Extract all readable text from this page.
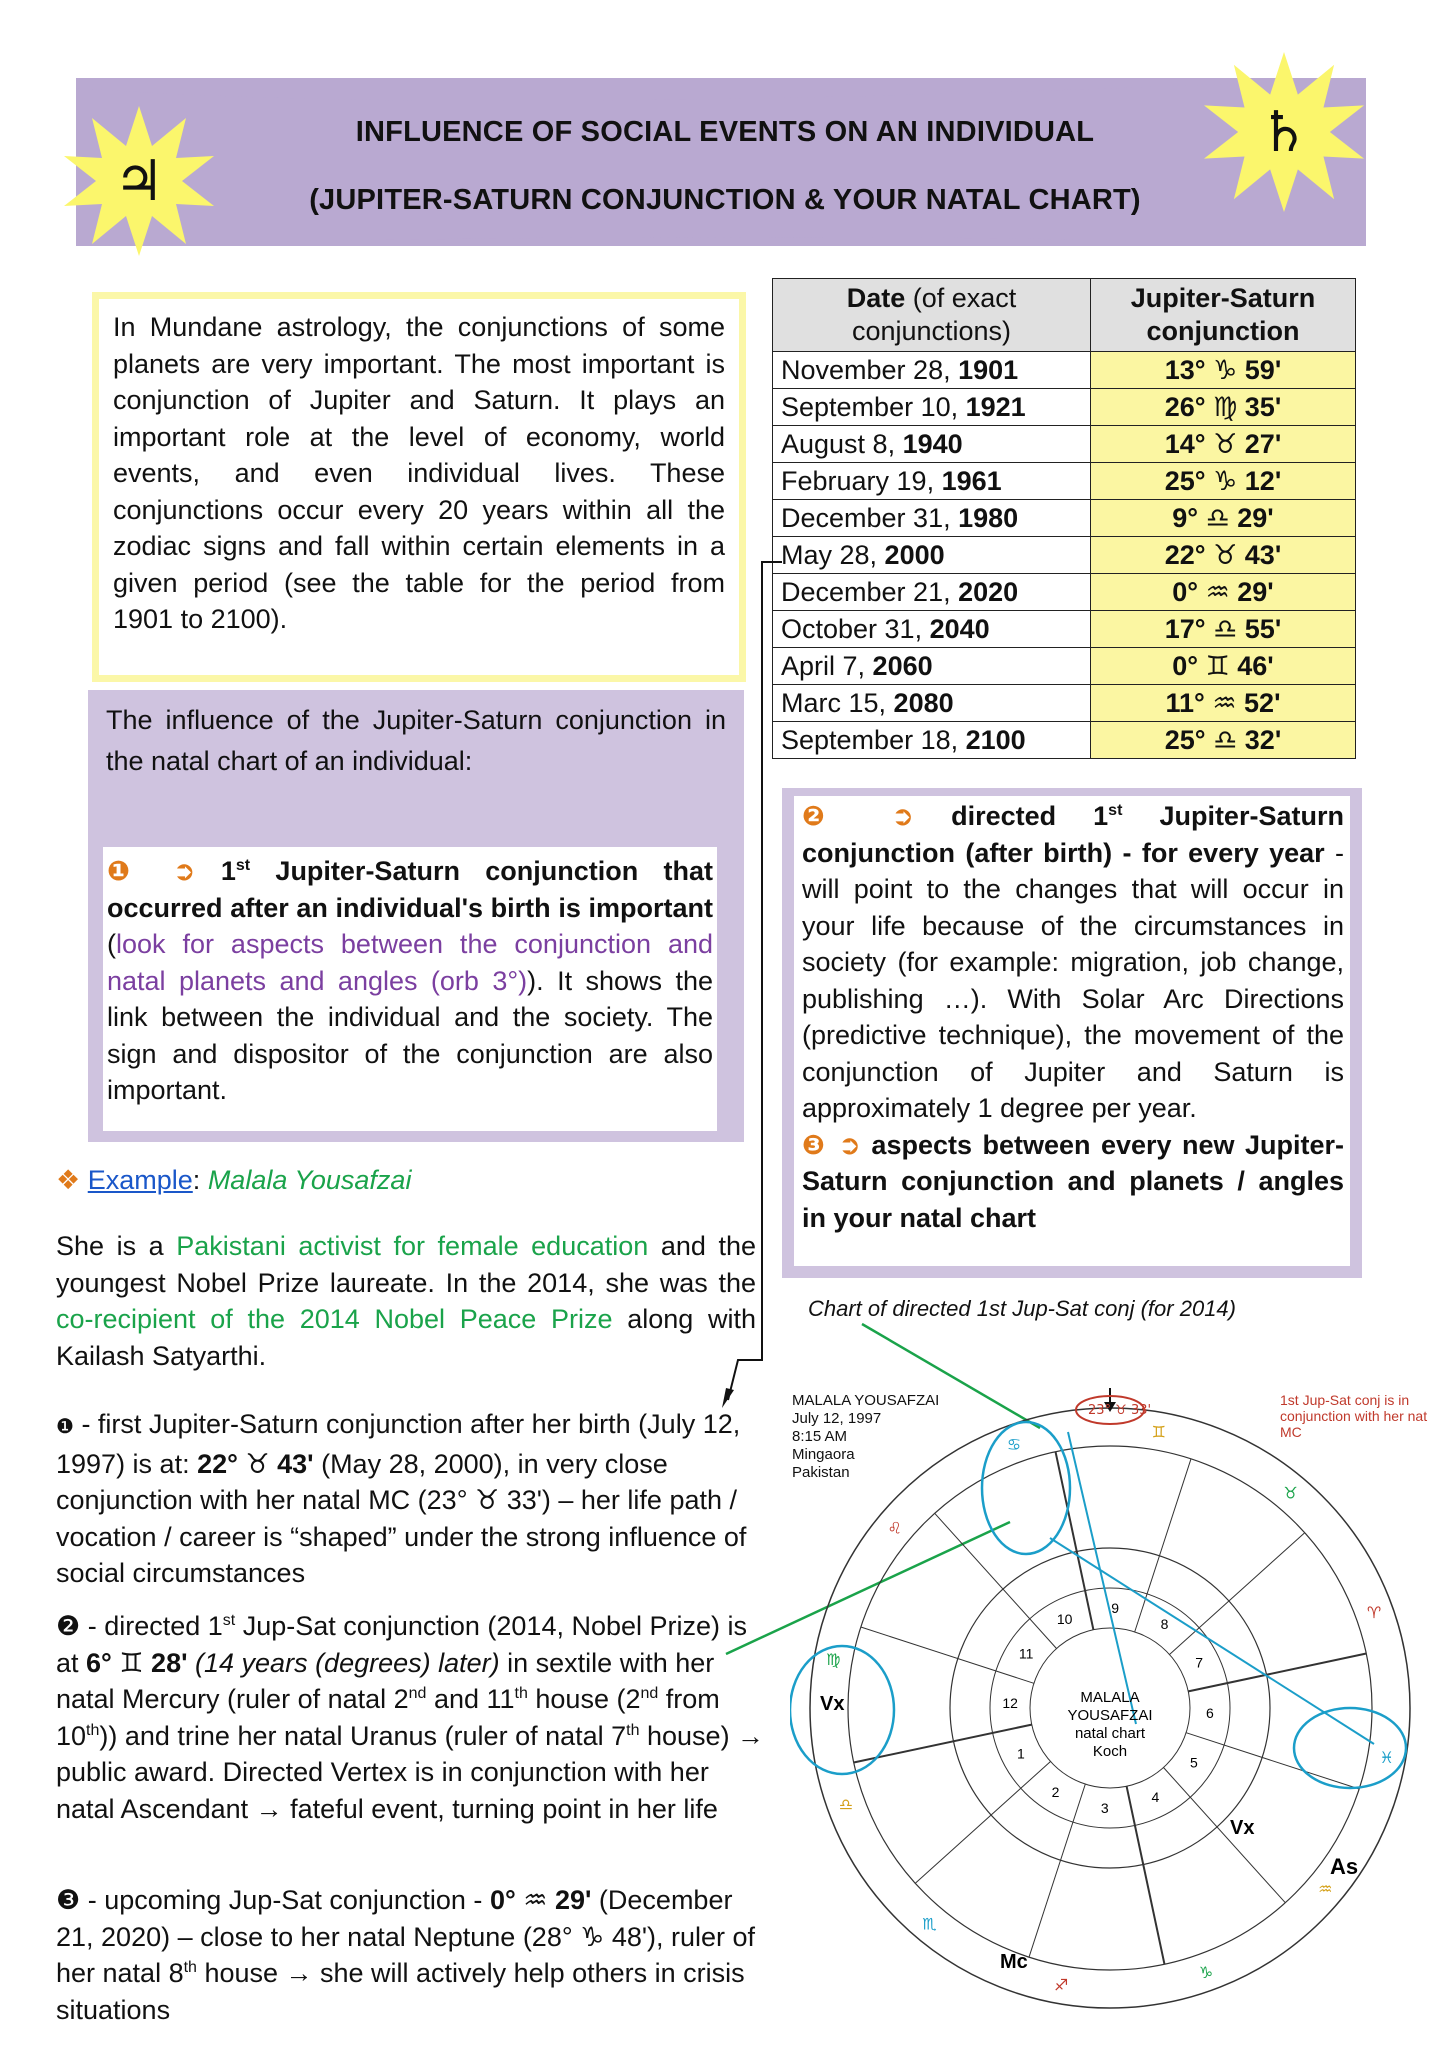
INFLUENCE OF SOCIAL EVENTS ON AN INDIVIDUAL
(JUPITER-SATURN CONJUNCTION & YOUR NATAL CHART)
♃
♄

In Mundane astrology, the conjunctions of some planets are very important. The most important is conjunction of Jupiter and Saturn. It plays an important role at the level of economy, world events, and even individual lives. These conjunctions occur every 20 years within all the zodiac signs and fall within certain elements in a given period (see the table for the period from 1901 to 2100).

The influence of the Jupiter-Saturn conjunction in the natal chart of an individual:

❶ ➲ 1st Jupiter-Saturn conjunction that occurred after an individual's birth is important (look for aspects between the conjunction and natal planets and angles (orb 3°)). It shows the link between the individual and the society. The sign and dispositor of the conjunction are also important.

Date (of exact conjunctions)	Jupiter-Saturn conjunction
November 28, 1901	13° ♑ 59'
September 10, 1921	26° ♍ 35'
August 8, 1940	14° ♉ 27'
February 19, 1961	25° ♑ 12'
December 31, 1980	9° ♎ 29'
May 28, 2000	22° ♉ 43'
December 21, 2020	0° ♒ 29'
October 31, 2040	17° ♎ 55'
April 7, 2060	0° ♊ 46'
Marc 15, 2080	11° ♒ 52'
September 18, 2100	25° ♎ 32'

❷ ➲ directed 1st Jupiter-Saturn conjunction (after birth) - for every year - will point to the changes that will occur in your life because of the circumstances in society (for example: migration, job change, publishing …). With Solar Arc Directions (predictive technique), the movement of the conjunction of Jupiter and Saturn is approximately 1 degree per year.

❸ ➲ aspects between every new Jupiter-Saturn conjunction and planets / angles in your natal chart

Chart of directed 1st Jup-Sat conj (for 2014)
❖ Example: Malala Yousafzai
She is a Pakistani activist for female education and the youngest Nobel Prize laureate. In the 2014, she was the co-recipient of the 2014 Nobel Peace Prize along with Kailash Satyarthi.
❶ - first Jupiter-Saturn conjunction after her birth (July 12, 1997) is at: 22° ♉ 43' (May 28, 2000), in very close conjunction with her natal MC (23° ♉ 33') – her life path / vocation / career is “shaped” under the strong influence of social circumstances
❷ - directed 1st Jup-Sat conjunction (2014, Nobel Prize) is at 6° ♊ 28' (14 years (degrees) later) in sextile with her natal Mercury (ruler of natal 2nd and 11th house (2nd from 10th)) and trine her natal Uranus (ruler of natal 7th house) → public award. Directed Vertex is in conjunction with her natal Ascendant → fateful event, turning point in her life
❸ - upcoming Jup-Sat conjunction - 0° ♒ 29' (December 21, 2020) – close to her natal Neptune (28° ♑ 48'), ruler of her natal 8th house → she will actively help others in crisis situations
MALALA YOUSAFZAI
July 12, 1997
8:15 AM
Mingaora
Pakistan
1st Jup-Sat conj is in conjunction with her nat MC
1
2
3
4
5
6
7
8
9
10
11
12
♈
♉
♊
♋
♌
♍
♎
♏
♐
♑
♒
♓
23° ♉ 33'
As
Mc
Vx
Vx	MALALA
YOUSAFZAI
natal chart
Koch
